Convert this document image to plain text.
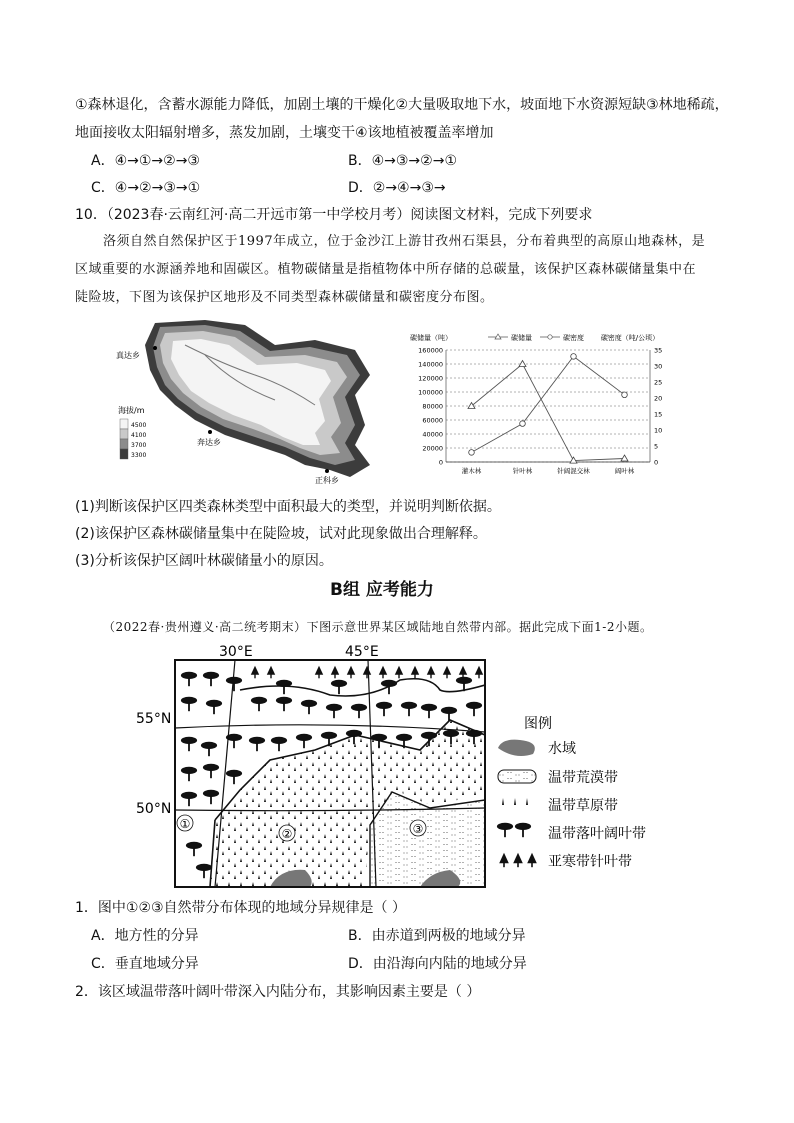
①森林退化，含蓄水源能力降低，加剧土壤的干燥化②大量吸取地下水，坡面地下水资源短缺③林地稀疏，
地面接收太阳辐射增多，蒸发加剧，土壤变干④该地植被覆盖率增加
A．④→①→②→③	B．④→③→②→①
C．④→②→③→①	D．②→④→③→
10．（2023春·云南红河·高二开远市第一中学校月考）阅读图文材料，完成下列要求
洛须自然自然保护区于1997年成立，位于金沙江上游甘孜州石渠县，分布着典型的高原山地森林，是
区域重要的水源涵养地和固碳区。植物碳储量是指植物体中所存储的总碳量，该保护区森林碳储量集中在
陡险坡，下图为该保护区地形及不同类型森林碳储量和碳密度分布图。
真达乡
奔达乡
正科乡
海拔/m
4500
4100
3700
3300
碳储量（吨）	碳密度（吨/公顷）
碳储量	碳密度
0
20000
40000
60000
80000
100000
120000
140000
160000
0
5
10
15
20
25
30
35
灌木林	针叶林	针阔混交林	阔叶林
(1)判断该保护区四类森林类型中面积最大的类型，并说明判断依据。
(2)该保护区森林碳储量集中在陡险坡，试对此现象做出合理解释。
(3)分析该保护区阔叶林碳储量小的原因。
B组 应考能力
（2022春·贵州遵义·高二统考期末）下图示意世界某区域陆地自然带内部。据此完成下面1-2小题。
30°E	45°E
55°N
50°N
①
②	③
图例
水域
温带荒漠带
温带草原带
温带落叶阔叶带
亚寒带针叶带
1．图中①②③自然带分布体现的地域分异规律是（ ）
A．地方性的分异	B．由赤道到两极的地域分异
C．垂直地域分异	D．由沿海向内陆的地域分异
2．该区域温带落叶阔叶带深入内陆分布，其影响因素主要是（ ）
